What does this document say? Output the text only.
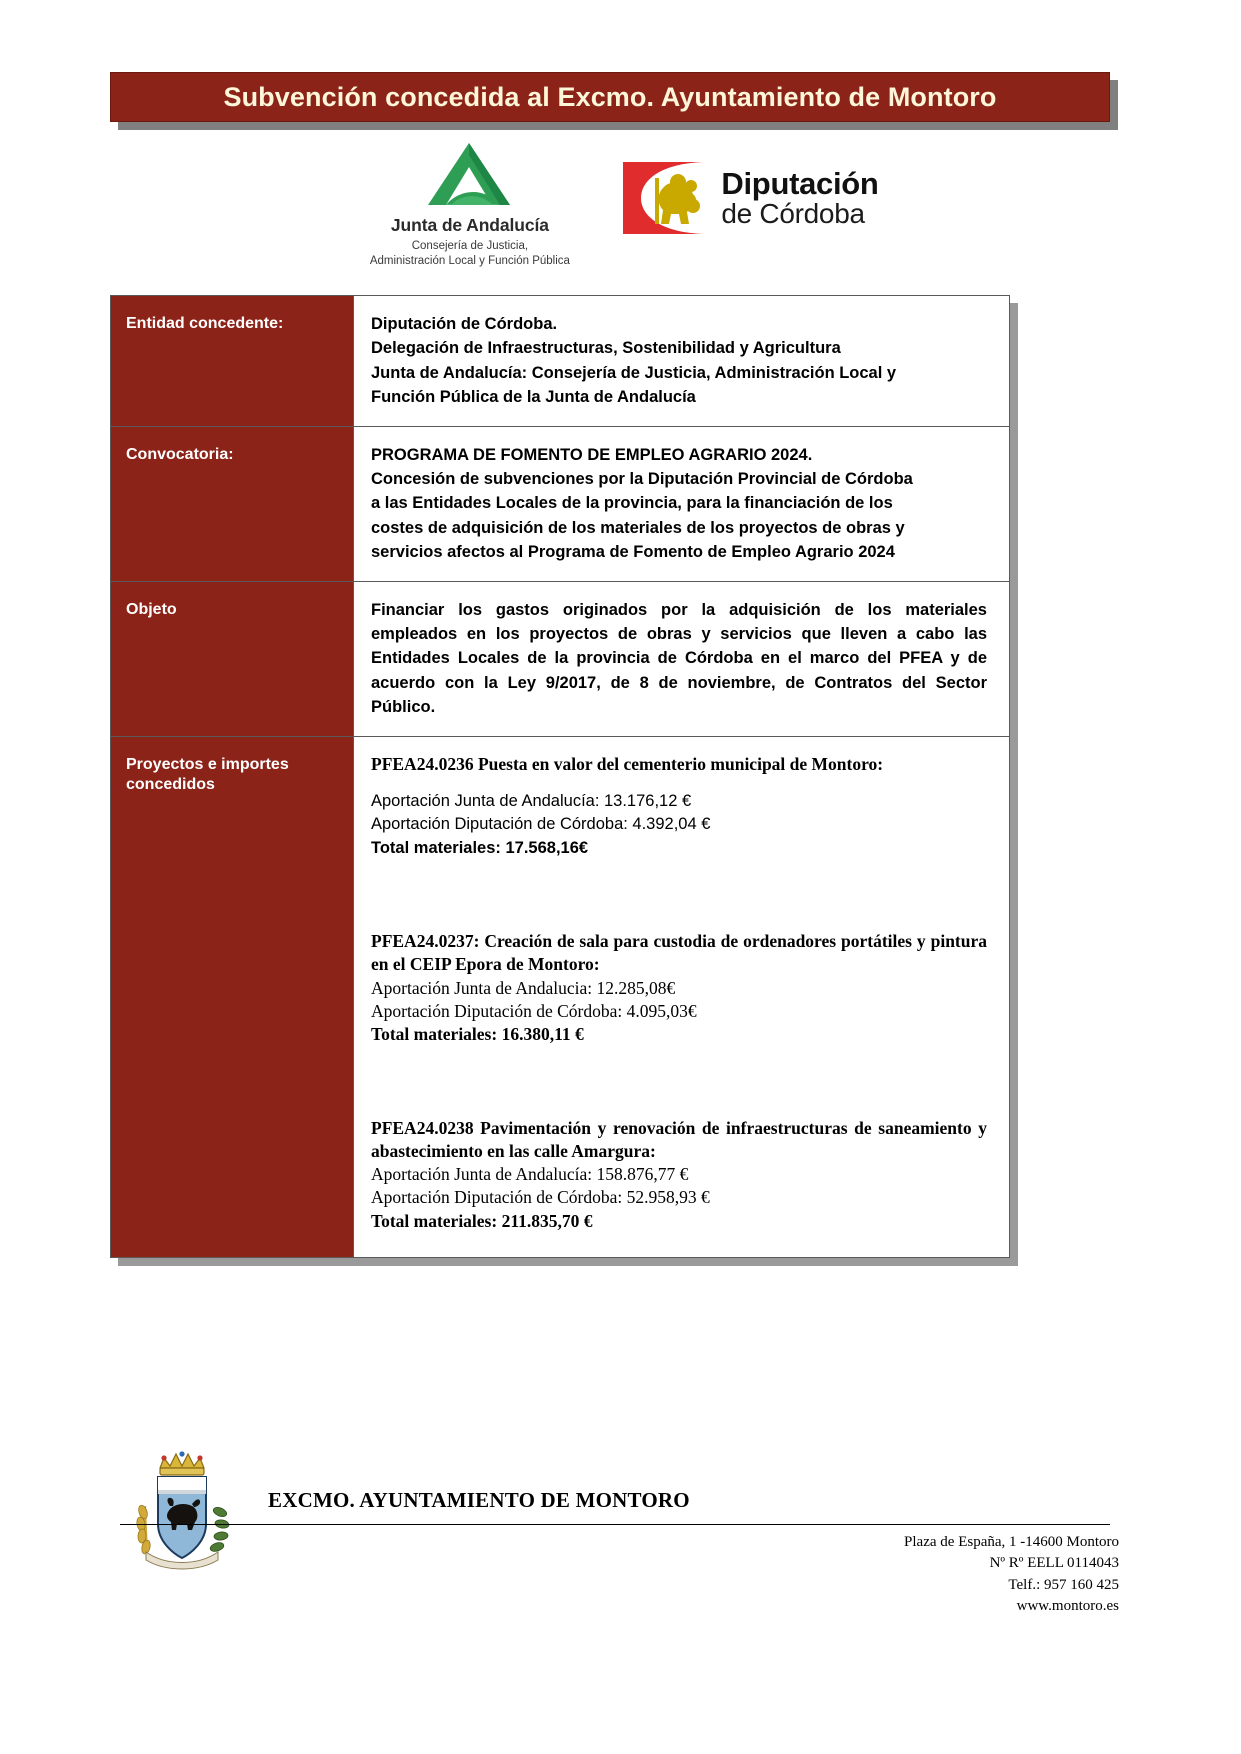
Subvención concedida al Excmo. Ayuntamiento de Montoro
Junta de Andalucía
Consejería de Justicia,
Administración Local y Función Pública
Diputación
de Córdoba
Entidad concedente:	Diputación de Córdoba.
Delegación de Infraestructuras, Sostenibilidad y Agricultura
Junta de Andalucía: Consejería de Justicia, Administración Local y
Función Pública de la Junta de Andalucía

Convocatoria:	PROGRAMA DE FOMENTO DE EMPLEO AGRARIO 2024.
Concesión de subvenciones por la Diputación Provincial de Córdoba
a las Entidades Locales de la provincia, para la financiación de los
costes de adquisición de los materiales de los proyectos de obras y
servicios afectos al Programa de Fomento de Empleo Agrario 2024

Objeto	Financiar los gastos originados por la adquisición de los materiales empleados en los proyectos de obras y servicios que lleven a cabo las Entidades Locales de la provincia de Córdoba en el marco del PFEA y de acuerdo con la Ley 9/2017, de 8 de noviembre, de Contratos del Sector Público.

Proyectos e importes concedidos	
PFEA24.0236 Puesta en valor del cementerio municipal de Montoro:
Aportación Junta de Andalucía: 13.176,12 €
Aportación Diputación de Córdoba: 4.392,04 €
Total materiales: 17.568,16€
PFEA24.0237: Creación de sala para custodia de ordenadores portátiles y pintura en el CEIP Epora de Montoro:
Aportación Junta de Andalucia: 12.285,08€
Aportación Diputación de Córdoba: 4.095,03€
Total materiales: 16.380,11 €
PFEA24.0238 Pavimentación y renovación de infraestructuras de saneamiento y abastecimiento en las calle Amargura:
Aportación Junta de Andalucía: 158.876,77 €
Aportación Diputación de Córdoba: 52.958,93 €
Total materiales: 211.835,70 €
EXCMO. AYUNTAMIENTO DE MONTORO
Plaza de España, 1 -14600 Montoro
Nº Rº EELL 0114043
Telf.: 957 160 425
www.montoro.es
